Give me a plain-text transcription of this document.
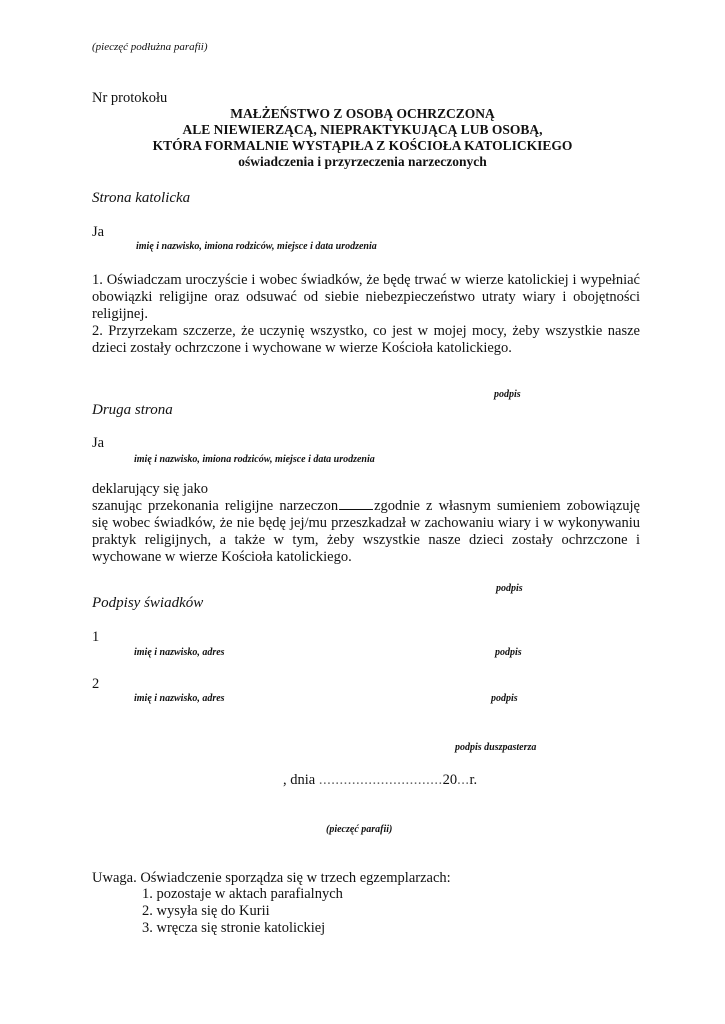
(pieczęć podłużna parafii)
Nr protokołu
MAŁŻEŃSTWO Z OSOBĄ OCHRZCZONĄ
ALE NIEWIERZĄCĄ, NIEPRAKTYKUJĄCĄ LUB OSOBĄ,
KTÓRA FORMALNIE WYSTĄPIŁA Z KOŚCIOŁA KATOLICKIEGO
oświadczenia i przyrzeczenia narzeczonych
Strona katolicka
Ja
imię i nazwisko, imiona rodziców, miejsce i data urodzenia

1. Oświadczam uroczyście i wobec świadków, że będę trwać w wierze katolickiej i wypełniać obowiązki religijne oraz odsuwać od siebie niebezpieczeństwo utraty wiary i obojętności religijnej.

2. Przyrzekam szczerze, że uczynię wszystko, co jest w mojej mocy, żeby wszystkie nasze dzieci zostały ochrzczone i wychowane w wierze Kościoła katolickiego.

podpis
Druga strona
Ja
imię i nazwisko, imiona rodziców, miejsce i data urodzenia

deklarujący się jako

szanując przekonania religijne narzeczon zgodnie z własnym sumieniem zobowiązuję się wobec świadków, że nie będę jej/mu przeszkadzał w zachowaniu wiary i w wykonywaniu praktyk religijnych, a także w tym, żeby wszystkie nasze dzieci zostały ochrzczone i wychowane w wierze Kościoła katolickiego.

podpis
Podpisy świadków
1
imię i nazwisko, adres	podpis
2
imię i nazwisko, adres	podpis
podpis duszpasterza
, dnia ..............................20...r.
(pieczęć parafii)
Uwaga. Oświadczenie sporządza się w trzech egzemplarzach:
1. pozostaje w aktach parafialnych
2. wysyła się do Kurii
3. wręcza się stronie katolickiej
